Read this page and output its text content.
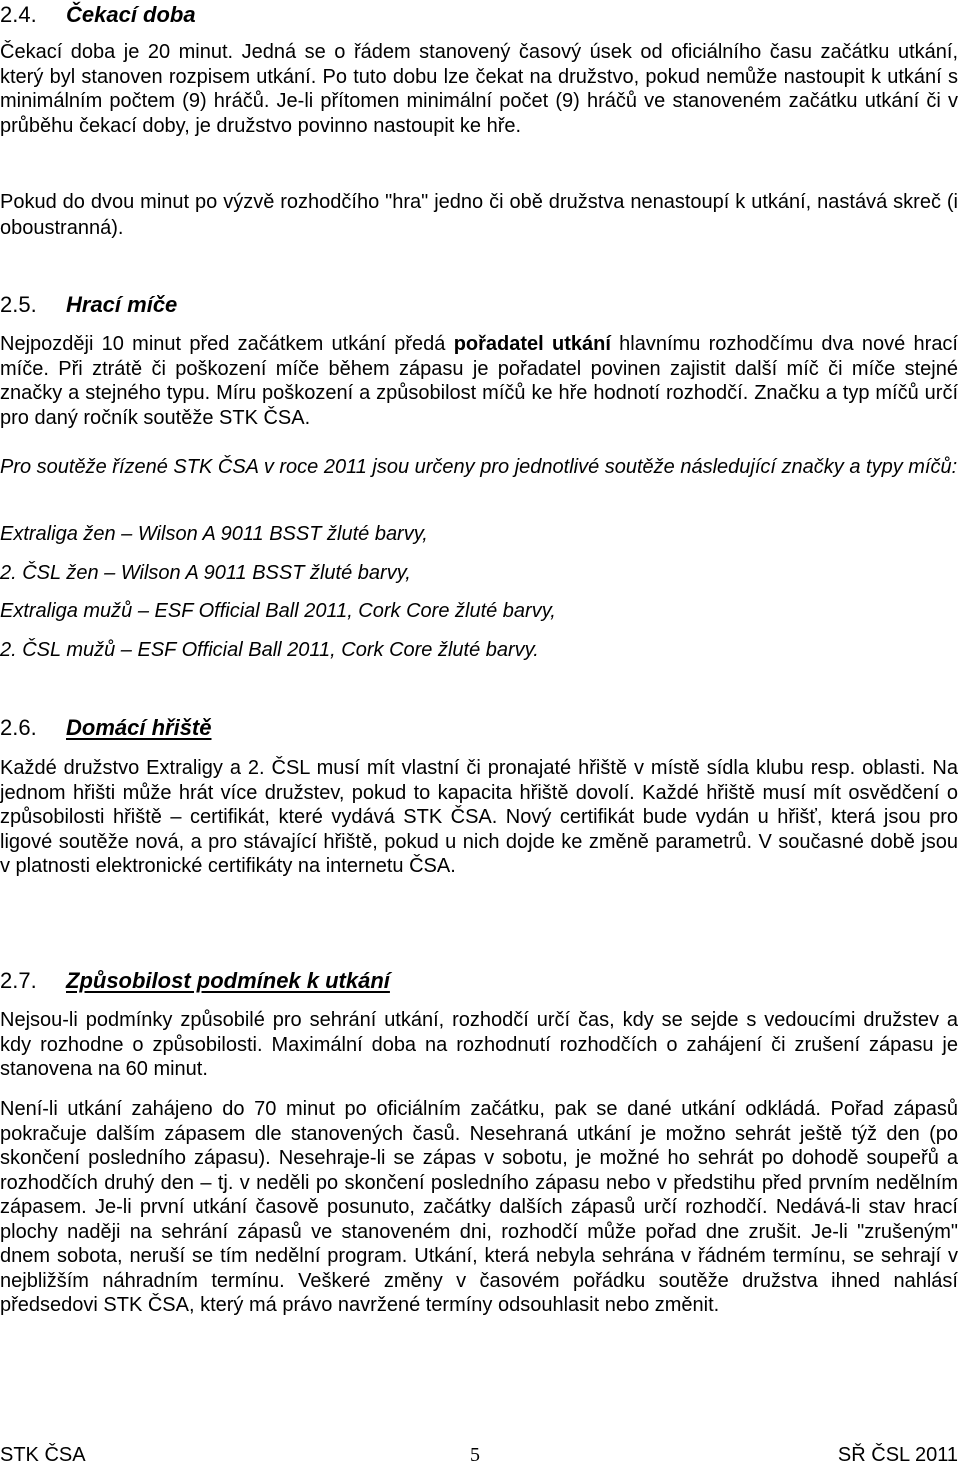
2.4. Čekací doba
Čekací doba je 20 minut. Jedná se o řádem stanovený časový úsek od oficiálního času začátku utkání, který byl stanoven rozpisem utkání. Po tuto dobu lze čekat na družstvo, pokud nemůže nastoupit k utkání s minimálním počtem (9) hráčů. Je-li přítomen minimální počet (9) hráčů ve stanoveném začátku utkání či v průběhu čekací doby, je družstvo povinno nastoupit ke hře.
Pokud do dvou minut po výzvě rozhodčího "hra" jedno či obě družstva nenastoupí k utkání, nastává skreč (i oboustranná).
2.5. Hrací míče
Nejpozději 10 minut před začátkem utkání předá pořadatel utkání hlavnímu rozhodčímu dva nové hrací míče. Při ztrátě či poškození míče během zápasu je pořadatel povinen zajistit další míč či míče stejné značky a stejného typu. Míru poškození a způsobilost míčů ke hře hodnotí rozhodčí. Značku a typ míčů určí pro daný ročník soutěže STK ČSA.
Pro soutěže řízené STK ČSA v roce 2011 jsou určeny pro jednotlivé soutěže následující značky a typy míčů:

Extraliga žen – Wilson A 9011 BSST žluté barvy,

2. ČSL žen – Wilson A 9011 BSST žluté barvy,

Extraliga mužů – ESF Official Ball 2011, Cork Core žluté barvy,

2. ČSL mužů – ESF Official Ball 2011, Cork Core žluté barvy.

2.6. Domácí hřiště
Každé družstvo Extraligy a 2. ČSL musí mít vlastní či pronajaté hřiště v místě sídla klubu resp. oblasti. Na jednom hřišti může hrát více družstev, pokud to kapacita hřiště dovolí. Každé hřiště musí mít osvědčení o způsobilosti hřiště – certifikát, které vydává STK ČSA. Nový certifikát bude vydán u hřišť, která jsou pro ligové soutěže nová, a pro stávající hřiště, pokud u nich dojde ke změně parametrů. V současné době jsou v platnosti elektronické certifikáty na internetu ČSA.
2.7. Způsobilost podmínek k utkání
Nejsou-li podmínky způsobilé pro sehrání utkání, rozhodčí určí čas, kdy se sejde s vedoucími družstev a kdy rozhodne o způsobilosti. Maximální doba na rozhodnutí rozhodčích o zahájení či zrušení zápasu je stanovena na 60 minut.
Není-li utkání zahájeno do 70 minut po oficiálním začátku, pak se dané utkání odkládá. Pořad zápasů pokračuje dalším zápasem dle stanovených časů. Nesehraná utkání je možno sehrát ještě týž den (po skončení posledního zápasu). Nesehraje-li se zápas v sobotu, je možné ho sehrát po dohodě soupeřů a rozhodčích druhý den – tj. v neděli po skončení posledního zápasu nebo v předstihu před prvním nedělním zápasem. Je-li první utkání časově posunuto, začátky dalších zápasů určí rozhodčí. Nedává-li stav hrací plochy naději na sehrání zápasů ve stanoveném dni, rozhodčí může pořad dne zrušit. Je-li "zrušeným" dnem sobota, neruší se tím nedělní program. Utkání, která nebyla sehrána v řádném termínu, se sehrají v nejbližším náhradním termínu. Veškeré změny v časovém pořádku soutěže družstva ihned nahlásí předsedovi STK ČSA, který má právo navržené termíny odsouhlasit nebo změnit.
STK ČSA	5	SŘ ČSL 2011
